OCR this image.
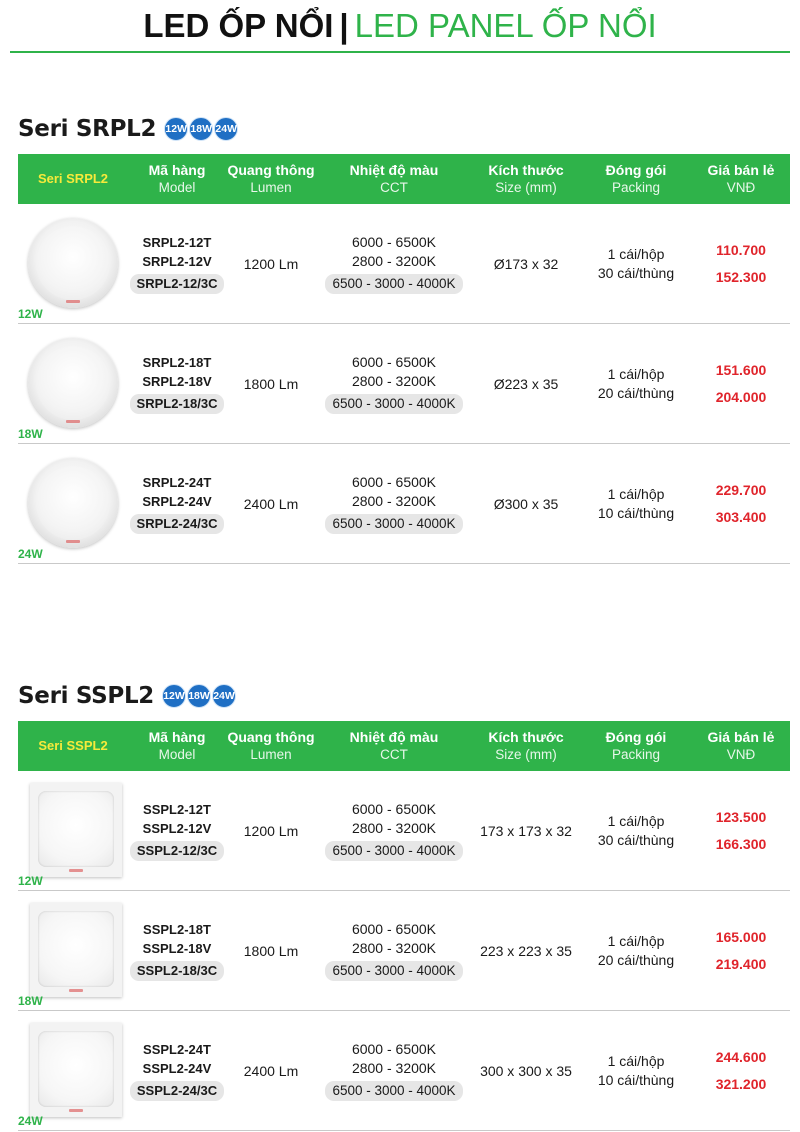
LED ỐP NỔI | LED PANEL ỐP NỔI
Seri SRPL2 12W 18W 24W
Seri SRPL2
Mã hàng
Model
Quang thông
Lumen
Nhiệt độ màu
CCT
Kích thước
Size (mm)
Đóng gói
Packing
Giá bán lẻ
VNĐ
12W
SRPL2-12T
SRPL2-12V
SRPL2-12/3C
1200 Lm
6000 - 6500K
2800 - 3200K
6500 - 3000 - 4000K
Ø173 x 32
1 cái/hộp
30 cái/thùng
110.700
152.300
18W
SRPL2-18T
SRPL2-18V
SRPL2-18/3C
1800 Lm
6000 - 6500K
2800 - 3200K
6500 - 3000 - 4000K
Ø223 x 35
1 cái/hộp
20 cái/thùng
151.600
204.000
24W
SRPL2-24T
SRPL2-24V
SRPL2-24/3C
2400 Lm
6000 - 6500K
2800 - 3200K
6500 - 3000 - 4000K
Ø300 x 35
1 cái/hộp
10 cái/thùng
229.700
303.400
Seri SSPL2 12W 18W 24W
Seri SSPL2
Mã hàng
Model
Quang thông
Lumen
Nhiệt độ màu
CCT
Kích thước
Size (mm)
Đóng gói
Packing
Giá bán lẻ
VNĐ
12W
SSPL2-12T
SSPL2-12V
SSPL2-12/3C
1200 Lm
6000 - 6500K
2800 - 3200K
6500 - 3000 - 4000K
173 x 173 x 32
1 cái/hộp
30 cái/thùng
123.500
166.300
18W
SSPL2-18T
SSPL2-18V
SSPL2-18/3C
1800 Lm
6000 - 6500K
2800 - 3200K
6500 - 3000 - 4000K
223 x 223 x 35
1 cái/hộp
20 cái/thùng
165.000
219.400
24W
SSPL2-24T
SSPL2-24V
SSPL2-24/3C
2400 Lm
6000 - 6500K
2800 - 3200K
6500 - 3000 - 4000K
300 x 300 x 35
1 cái/hộp
10 cái/thùng
244.600
321.200
